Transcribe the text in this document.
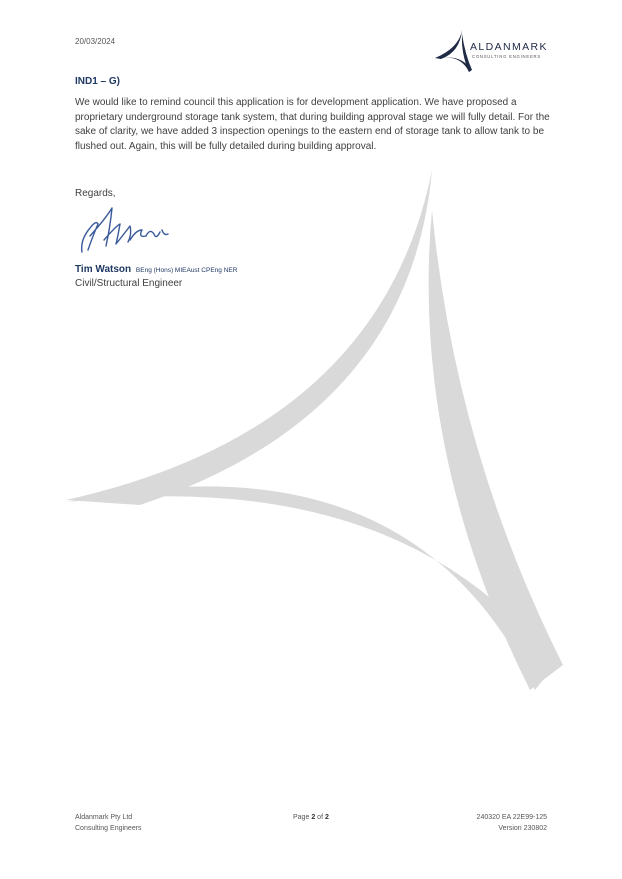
20/03/2024	ALDANMARK
CONSULTING ENGINEERS
IND1 – G)

We would like to remind council this application is for development application. We have proposed a proprietary underground storage tank system, that during building approval stage we will fully detail. For the sake of clarity, we have added 3 inspection openings to the eastern end of storage tank to allow tank to be flushed out. Again, this will be fully detailed during building approval.

Regards,
Tim Watson BEng (Hons) MIEAust CPEng NER
Civil/Structural Engineer
Aldanmark Pty Ltd
Consulting Engineers
Page 2 of 2	240320 EA 22E99-125
Version 230802
